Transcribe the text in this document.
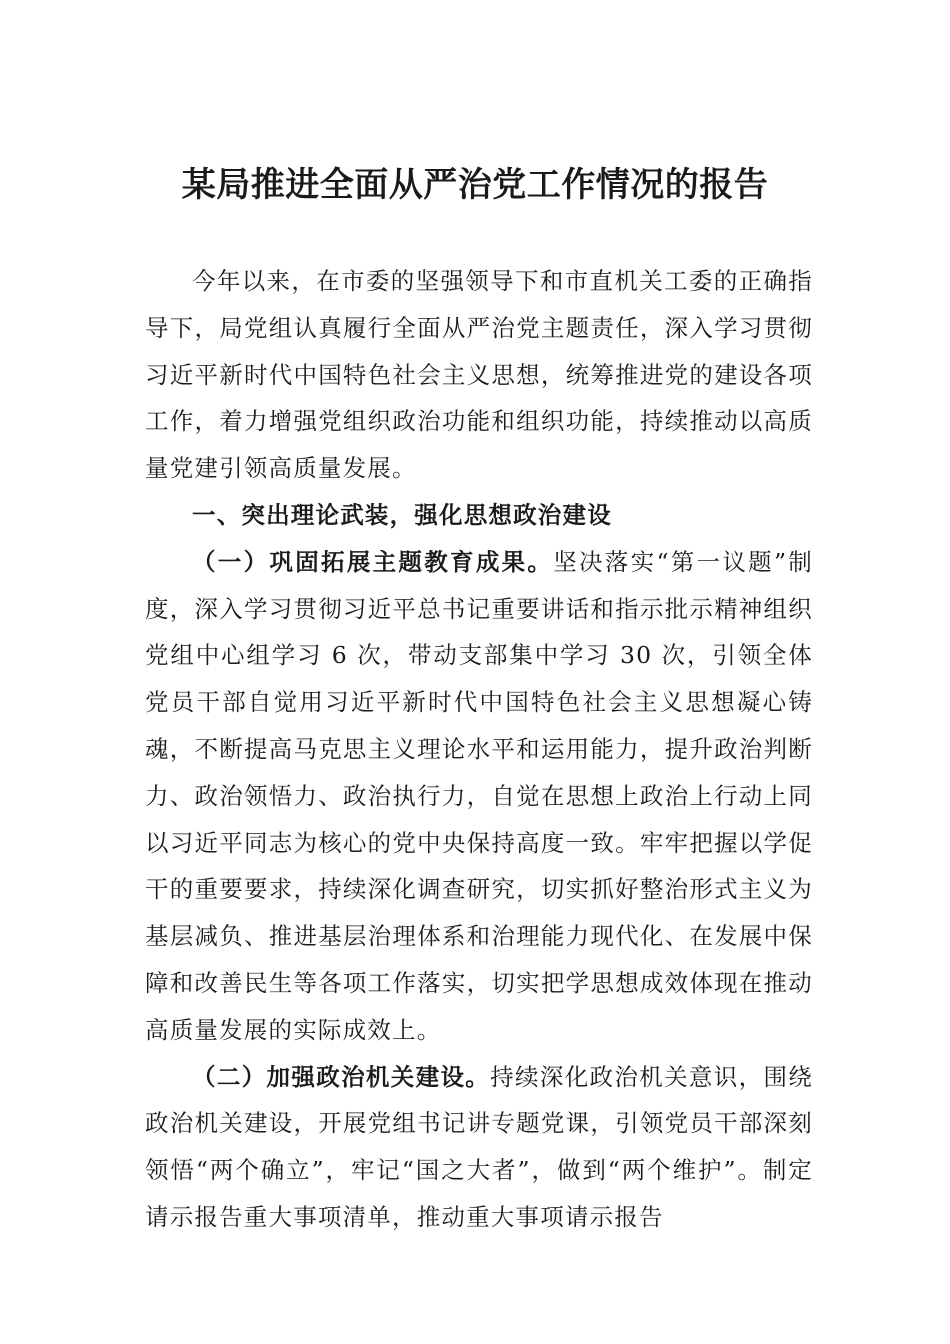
某局推进全面从严治党工作情况的报告

今年以来，在市委的坚强领导下和市直机关工委的正确指导下，局党组认真履行全面从严治党主题责任，深入学习贯彻习近平新时代中国特色社会主义思想，统筹推进党的建设各项工作，着力增强党组织政治功能和组织功能，持续推动以高质量党建引领高质量发展。

一、突出理论武装，强化思想政治建设

（一）巩固拓展主题教育成果。坚决落实“第一议题”制度，深入学习贯彻习近平总书记重要讲话和指示批示精神组织党组中心组学习 6 次，带动支部集中学习 30 次，引领全体党员干部自觉用习近平新时代中国特色社会主义思想凝心铸魂，不断提高马克思主义理论水平和运用能力，提升政治判断力、政治领悟力、政治执行力，自觉在思想上政治上行动上同以习近平同志为核心的党中央保持高度一致。牢牢把握以学促干的重要要求，持续深化调查研究，切实抓好整治形式主义为基层减负、推进基层治理体系和治理能力现代化、在发展中保障和改善民生等各项工作落实，切实把学思想成效体现在推动高质量发展的实际成效上。

（二）加强政治机关建设。持续深化政治机关意识，围绕政治机关建设，开展党组书记讲专题党课，引领党员干部深刻领悟“两个确立”，牢记“国之大者”，做到“两个维护”。制定请示报告重大事项清单，推动重大事项请示报告
